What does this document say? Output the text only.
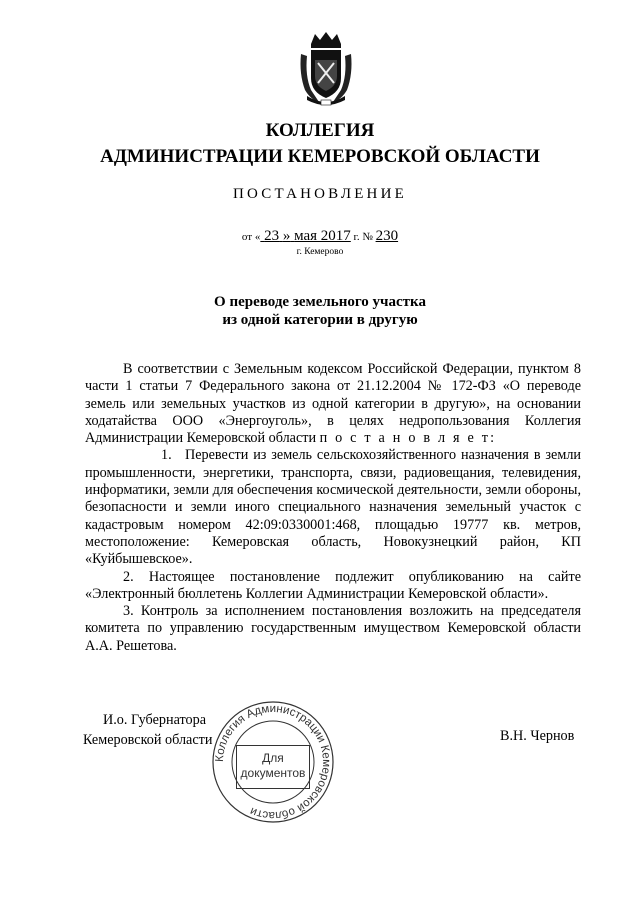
КОЛЛЕГИЯ
АДМИНИСТРАЦИИ КЕМЕРОВСКОЙ ОБЛАСТИ
ПОСТАНОВЛЕНИЕ
от « 23 » мая 2017 г. № 230
г. Кемерово
О переводе земельного участка
из одной категории в другую

В соответствии с Земельным кодексом Российской Федерации, пунктом 8 части 1 статьи 7 Федерального закона от 21.12.2004 № 172-ФЗ «О переводе земель или земельных участков из одной категории в другую», на основании ходатайства ООО «Энергоуголь», в целях недропользования Коллегия Администрации Кемеровской области п о с т а н о в л я е т:

1. Перевести из земель сельскохозяйственного назначения в земли промышленности, энергетики, транспорта, связи, радиовещания, телевидения, информатики, земли для обеспечения космической деятельности, земли обороны, безопасности и земли иного специального назначения земельный участок с кадастровым номером 42:09:0330001:468, площадью 19777 кв. метров, местоположение: Кемеровская область, Новокузнецкий район, КП «Куйбышевское».

2. Настоящее постановление подлежит опубликованию на сайте «Электронный бюллетень Коллегии Администрации Кемеровской области».

3. Контроль за исполнением постановления возложить на председателя комитета по управлению государственным имуществом Кемеровской области А.А. Решетова.

И.о. Губернатора
Кемеровской области	В.Н. Чернов
Коллегия Администрации Кемеровской области
Для
документов
